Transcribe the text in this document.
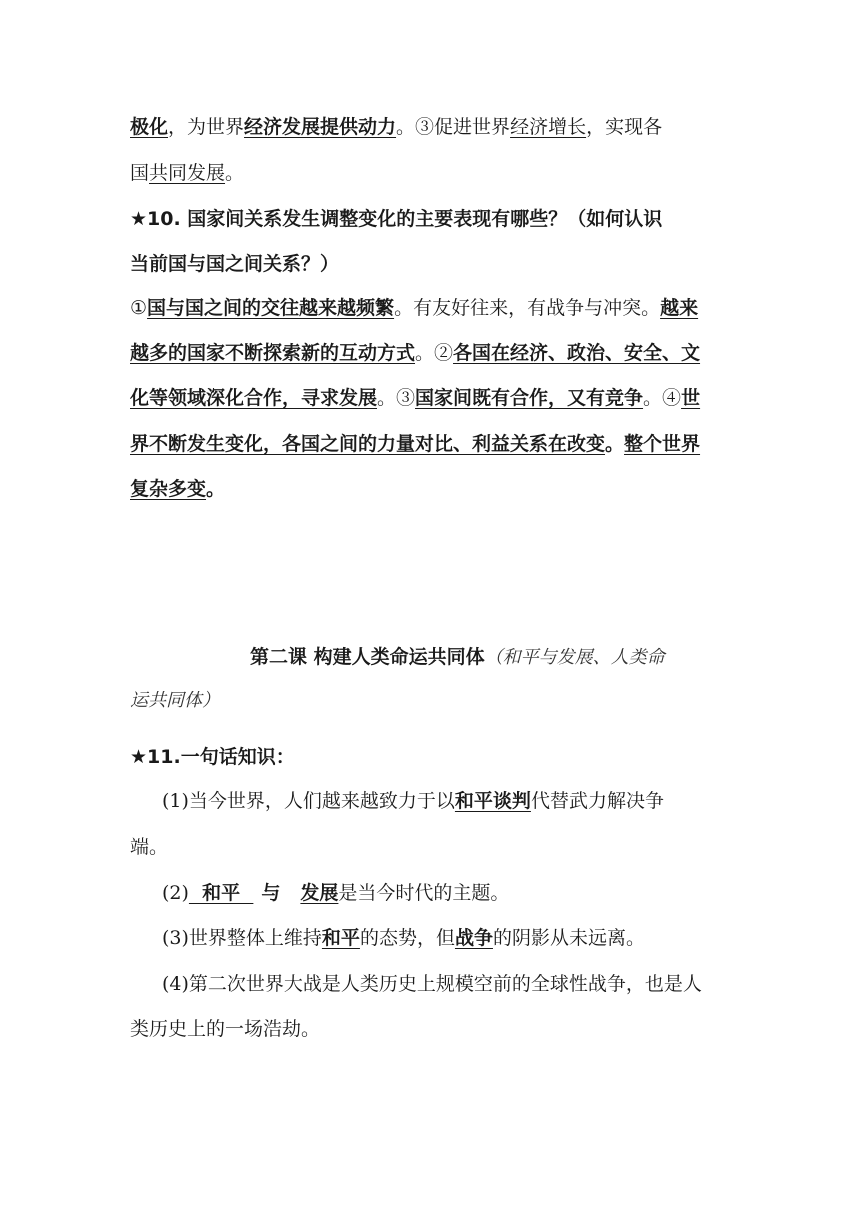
极化，为世界经济发展提供动力。③促进世界经济增长，实现各
国共同发展。
★10. 国家间关系发生调整变化的主要表现有哪些？（如何认识
当前国与国之间关系？）
①国与国之间的交往越来越频繁。有友好往来，有战争与冲突。越来
越多的国家不断探索新的互动方式。②各国在经济、政治、安全、文
化等领域深化合作，寻求发展。③国家间既有合作，又有竞争。④世
界不断发生变化，各国之间的力量对比、利益关系在改变。整个世界
复杂多变。
第二课 构建人类命运共同体（和平与发展、人类命
运共同体）
★11.一句话知识：
(1)当今世界，人们越来越致力于以和平谈判代替武力解决争
端。
(2)  和平  与 发展是当今时代的主题。
(3)世界整体上维持和平的态势，但战争的阴影从未远离。
(4)第二次世界大战是人类历史上规模空前的全球性战争，也是人
类历史上的一场浩劫。
